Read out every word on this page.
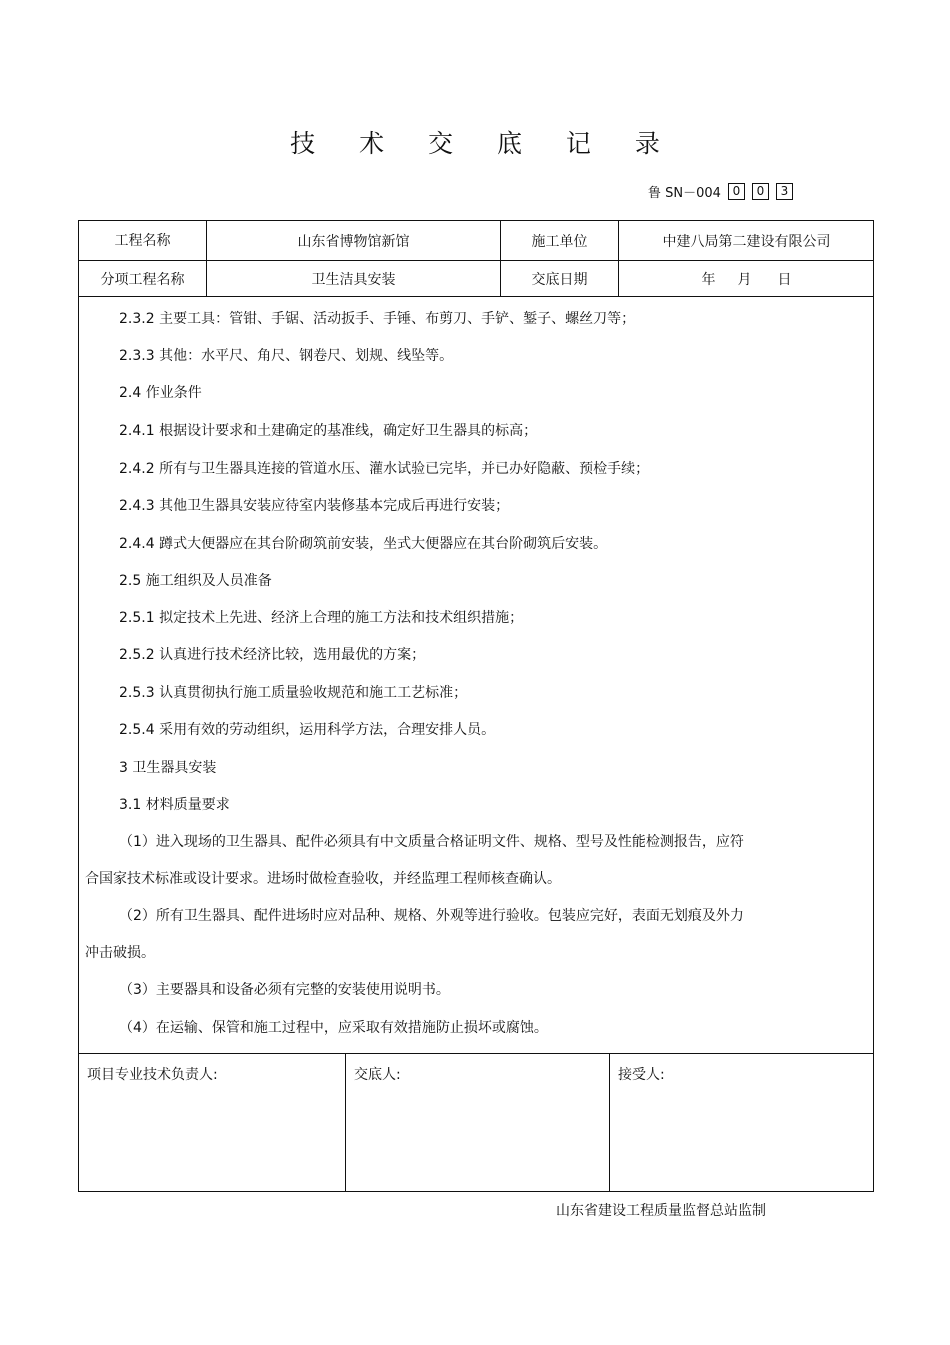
技 术 交 底 记 录
鲁 SN－004 0	0	3
工程名称	山东省博物馆新馆	施工单位	中建八局第二建设有限公司
分项工程名称	卫生洁具安装	交底日期	年 月 日
2.3.2 主要工具：管钳、手锯、活动扳手、手锤、布剪刀、手铲、錾子、螺丝刀等；
2.3.3 其他：水平尺、角尺、钢卷尺、划规、线坠等。
2.4 作业条件
2.4.1 根据设计要求和土建确定的基准线，确定好卫生器具的标高；
2.4.2 所有与卫生器具连接的管道水压、灌水试验已完毕，并已办好隐蔽、预检手续；
2.4.3 其他卫生器具安装应待室内装修基本完成后再进行安装；
2.4.4 蹲式大便器应在其台阶砌筑前安装，坐式大便器应在其台阶砌筑后安装。
2.5 施工组织及人员准备
2.5.1 拟定技术上先进、经济上合理的施工方法和技术组织措施；
2.5.2 认真进行技术经济比较，选用最优的方案；
2.5.3 认真贯彻执行施工质量验收规范和施工工艺标准；
2.5.4 采用有效的劳动组织，运用科学方法，合理安排人员。
3 卫生器具安装
3.1 材料质量要求
（1）进入现场的卫生器具、配件必须具有中文质量合格证明文件、规格、型号及性能检测报告，应符
合国家技术标准或设计要求。进场时做检查验收，并经监理工程师核查确认。
（2）所有卫生器具、配件进场时应对品种、规格、外观等进行验收。包装应完好，表面无划痕及外力
冲击破损。
（3）主要器具和设备必须有完整的安装使用说明书。
（4）在运输、保管和施工过程中，应采取有效措施防止损坏或腐蚀。
项目专业技术负责人:	交底人:	接受人:
山东省建设工程质量监督总站监制
